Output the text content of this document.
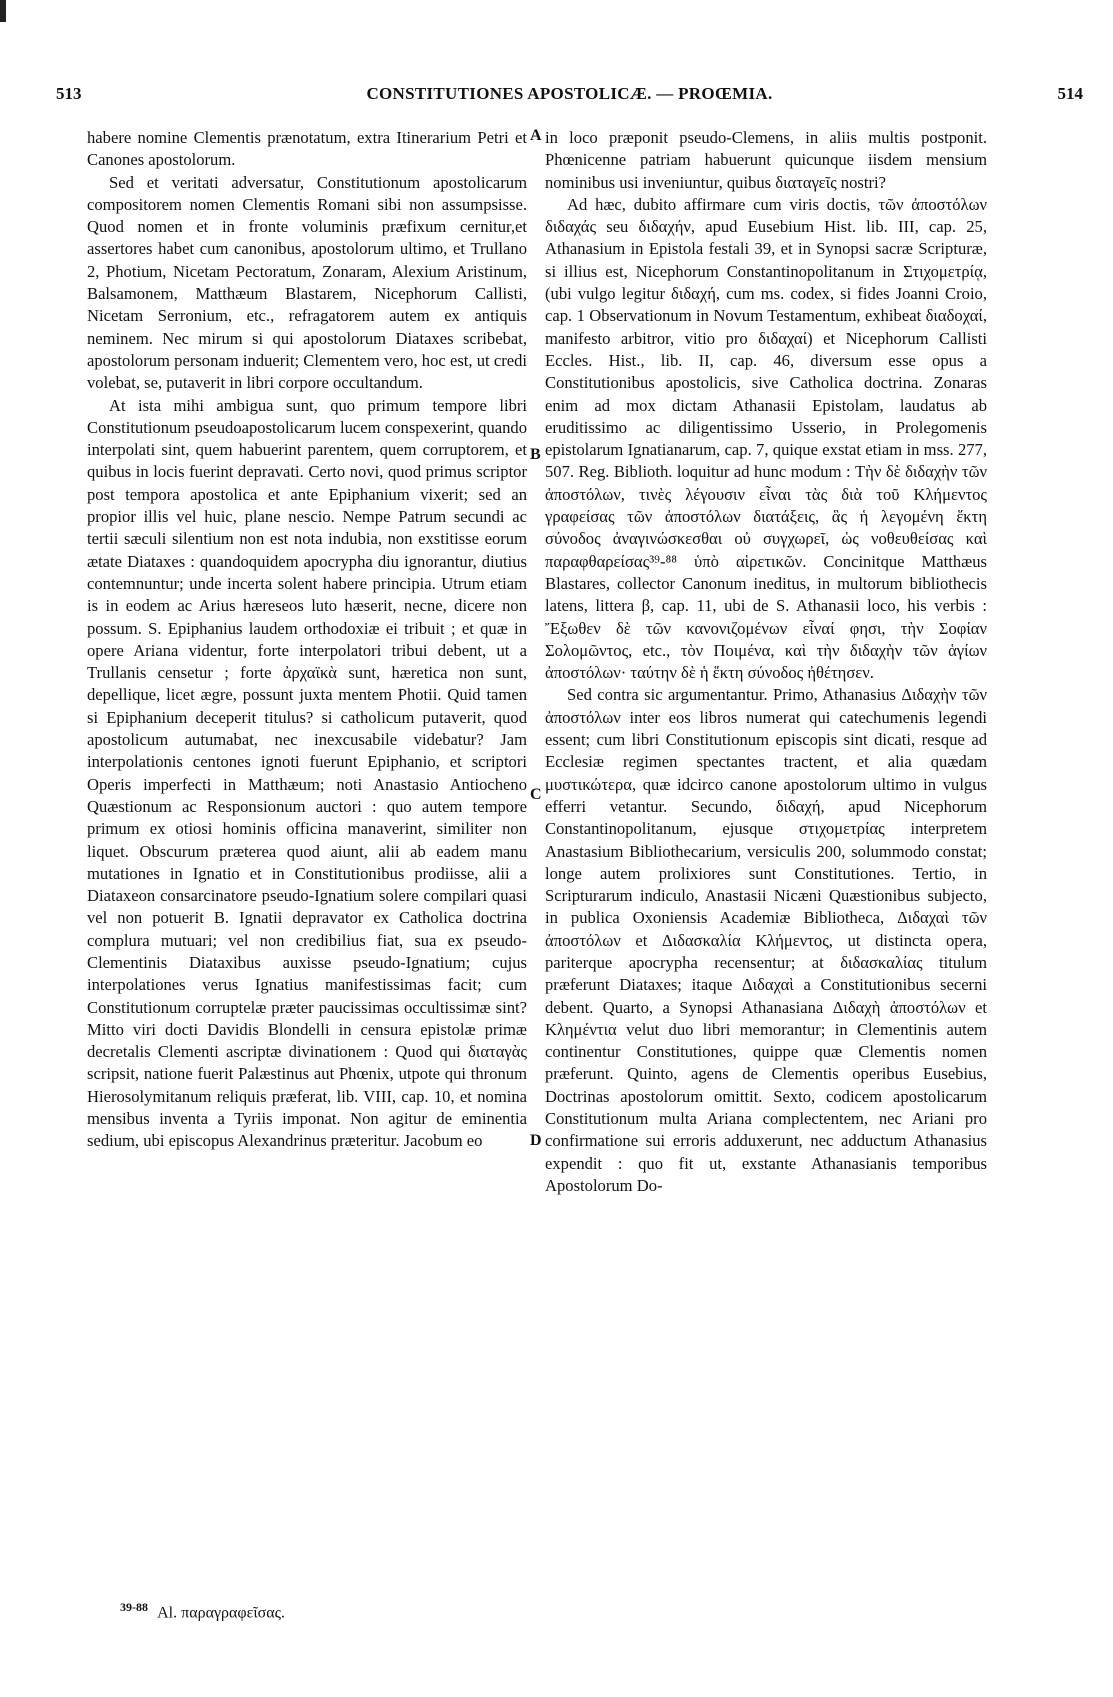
513	CONSTITUTIONES APOSTOLICÆ. — PROŒMIA.	514

habere nomine Clementis prænotatum, extra Itinerarium Petri et Canones apostolorum.

Sed et veritati adversatur, Constitutionum apostolicarum compositorem nomen Clementis Romani sibi non assumpsisse. Quod nomen et in fronte voluminis præfixum cernitur,et assertores habet cum canonibus, apostolorum ultimo, et Trullano 2, Photium, Nicetam Pectoratum, Zonaram, Alexium Aristinum, Balsamonem, Matthæum Blastarem, Nicephorum Callisti, Nicetam Serronium, etc., refragatorem autem ex antiquis neminem. Nec mirum si qui apostolorum Diataxes scribebat, apostolorum personam induerit; Clementem vero, hoc est, ut credi volebat, se, putaverit in libri corpore occultandum.

At ista mihi ambigua sunt, quo primum tempore libri Constitutionum pseudoapostolicarum lucem conspexerint, quando interpolati sint, quem habuerint parentem, quem corruptorem, et quibus in locis fuerint depravati. Certo novi, quod primus scriptor post tempora apostolica et ante Epiphanium vixerit; sed an propior illis vel huic, plane nescio. Nempe Patrum secundi ac tertii sæculi silentium non est nota indubia, non exstitisse eorum ætate Diataxes : quandoquidem apocrypha diu ignorantur, diutius contemnuntur; unde incerta solent habere principia. Utrum etiam is in eodem ac Arius hæreseos luto hæserit, necne, dicere non possum. S. Epiphanius laudem orthodoxiæ ei tribuit ; et quæ in opere Ariana videntur, forte interpolatori tribui debent, ut a Trullanis censetur ; forte ἀρχαϊκὰ sunt, hæretica non sunt, depellique, licet ægre, possunt juxta mentem Photii. Quid tamen si Epiphanium deceperit titulus? si catholicum putaverit, quod apostolicum autumabat, nec inexcusabile videbatur? Jam interpolationis centones ignoti fuerunt Epiphanio, et scriptori Operis imperfecti in Matthæum; noti Anastasio Antiocheno Quæstionum ac Responsionum auctori : quo autem tempore primum ex otiosi hominis officina manaverint, similiter non liquet. Obscurum præterea quod aiunt, alii ab eadem manu mutationes in Ignatio et in Constitutionibus prodiisse, alii a Diataxeon consarcinatore pseudo-Ignatium solere compilari quasi vel non potuerit B. Ignatii depravator ex Catholica doctrina complura mutuari; vel non credibilius fiat, sua ex pseudo-Clementinis Diataxibus auxisse pseudo-Ignatium; cujus interpolationes verus Ignatius manifestissimas facit; cum Constitutionum corruptelæ præter paucissimas occultissimæ sint? Mitto viri docti Davidis Blondelli in censura epistolæ primæ decretalis Clementi ascriptæ divinationem : Quod qui διαταγὰς scripsit, natione fuerit Palæstinus aut Phœnix, utpote qui thronum Hierosolymitanum reliquis præferat, lib. VIII, cap. 10, et nomina mensibus inventa a Tyriis imponat. Non agitur de eminentia sedium, ubi episcopus Alexandrinus præteritur. Jacobum eo

A
B
C
D

in loco præponit pseudo-Clemens, in aliis multis postponit. Phœnicenne patriam habuerunt quicunque iisdem mensium nominibus usi inveniuntur, quibus διαταγεῖς nostri?

Ad hæc, dubito affirmare cum viris doctis, τῶν ἀποστόλων διδαχάς seu διδαχήν, apud Eusebium Hist. lib. III, cap. 25, Athanasium in Epistola festali 39, et in Synopsi sacræ Scripturæ, si illius est, Nicephorum Constantinopolitanum in Στιχομετρίᾳ, (ubi vulgo legitur διδαχή, cum ms. codex, si fides Joanni Croio, cap. 1 Observationum in Novum Testamentum, exhibeat διαδοχαί, manifesto arbitror, vitio pro διδαχαί) et Nicephorum Callisti Eccles. Hist., lib. II, cap. 46, diversum esse opus a Constitutionibus apostolicis, sive Catholica doctrina. Zonaras enim ad mox dictam Athanasii Epistolam, laudatus ab eruditissimo ac diligentissimo Usserio, in Prolegomenis epistolarum Ignatianarum, cap. 7, quique exstat etiam in mss. 277, 507. Reg. Biblioth. loquitur ad hunc modum : Τὴν δὲ διδαχὴν τῶν ἀποστόλων, τινὲς λέγουσιν εἶναι τὰς διὰ τοῦ Κλήμεντος γραφείσας τῶν ἀποστόλων διατάξεις, ἃς ἡ λεγομένη ἕκτη σύνοδος ἀναγινώσκεσθαι οὐ συγχωρεῖ, ὡς νοθευθείσας καὶ παραφθαρείσας³⁹-⁸⁸ ὑπὸ αἱρετικῶν. Concinitque Matthæus Blastares, collector Canonum ineditus, in multorum bibliothecis latens, littera β, cap. 11, ubi de S. Athanasii loco, his verbis : Ἔξωθεν δὲ τῶν κανονιζομένων εἶναί φησι, τὴν Σοφίαν Σολομῶντος, etc., τὸν Ποιμένα, καὶ τὴν διδαχὴν τῶν ἁγίων ἀποστόλων· ταύτην δὲ ἡ ἕκτη σύνοδος ἠθέτησεν.

Sed contra sic argumentantur. Primo, Athanasius Διδαχὴν τῶν ἀποστόλων inter eos libros numerat qui catechumenis legendi essent; cum libri Constitutionum episcopis sint dicati, resque ad Ecclesiæ regimen spectantes tractent, et alia quædam μυστικώτερα, quæ idcirco canone apostolorum ultimo in vulgus efferri vetantur. Secundo, διδαχή, apud Nicephorum Constantinopolitanum, ejusque στιχομετρίας interpretem Anastasium Bibliothecarium, versiculis 200, solummodo constat; longe autem prolixiores sunt Constitutiones. Tertio, in Scripturarum indiculo, Anastasii Nicæni Quæstionibus subjecto, in publica Oxoniensis Academiæ Bibliotheca, Διδαχαὶ τῶν ἀποστόλων et Διδασκαλία Κλήμεντος, ut distincta opera, pariterque apocrypha recensentur; at διδασκαλίας titulum præferunt Diataxes; itaque Διδαχαὶ a Constitutionibus secerni debent. Quarto, a Synopsi Athanasiana Διδαχὴ ἀποστόλων et Κλημέντια velut duo libri memorantur; in Clementinis autem continentur Constitutiones, quippe quæ Clementis nomen præferunt. Quinto, agens de Clementis operibus Eusebius, Doctrinas apostolorum omittit. Sexto, codicem apostolicarum Constitutionum multa Ariana complectentem, nec Ariani pro confirmatione sui erroris adduxerunt, nec adductum Athanasius expendit : quo fit ut, exstante Athanasianis temporibus Apostolorum Do-

$^{39-88}$ Al. παραγραφεῖσας.
